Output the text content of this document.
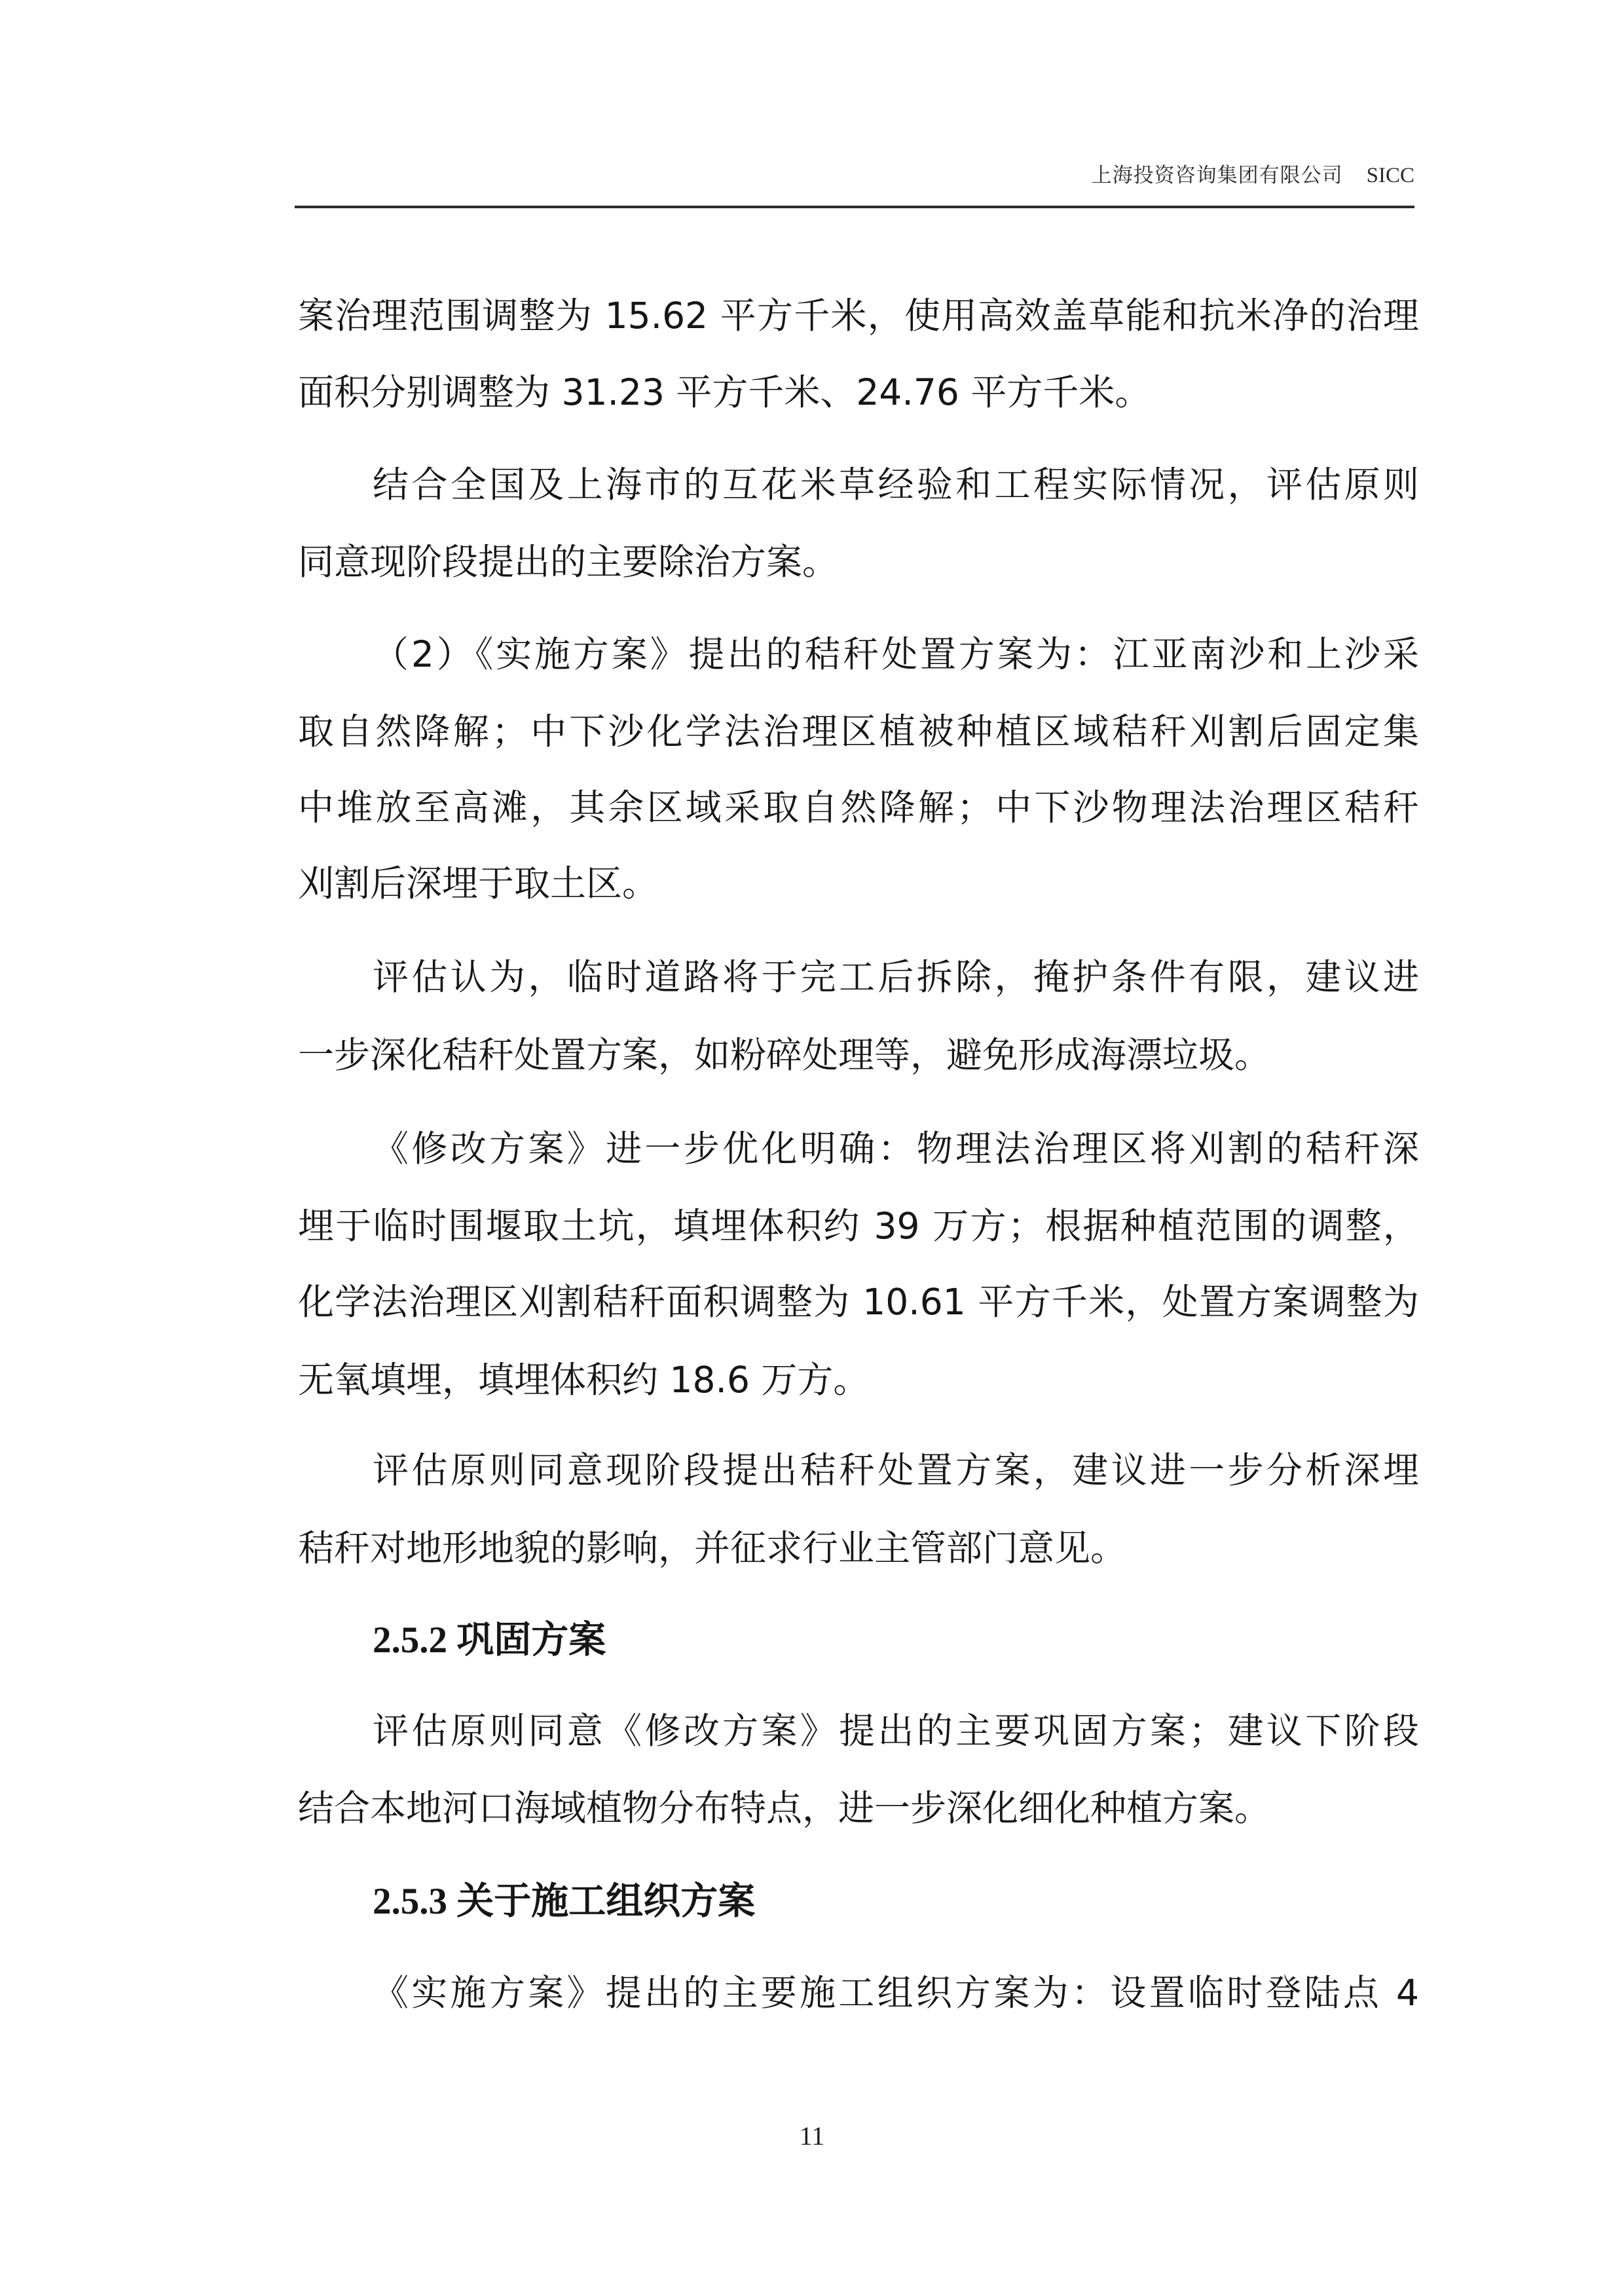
上海投资咨询集团有限公司 SICC
案治理范围调整为 15.62 平方千米，使用高效盖草能和抗米净的治理
面积分别调整为 31.23 平方千米、24.76 平方千米。
结合全国及上海市的互花米草经验和工程实际情况，评估原则
同意现阶段提出的主要除治方案。
（2）《实施方案》提出的秸秆处置方案为：江亚南沙和上沙采
取自然降解；中下沙化学法治理区植被种植区域秸秆刈割后固定集
中堆放至高滩，其余区域采取自然降解；中下沙物理法治理区秸秆
刈割后深埋于取土区。
评估认为，临时道路将于完工后拆除，掩护条件有限，建议进
一步深化秸秆处置方案，如粉碎处理等，避免形成海漂垃圾。
《修改方案》进一步优化明确：物理法治理区将刈割的秸秆深
埋于临时围堰取土坑，填埋体积约 39 万方；根据种植范围的调整，
化学法治理区刈割秸秆面积调整为 10.61 平方千米，处置方案调整为
无氧填埋，填埋体积约 18.6 万方。
评估原则同意现阶段提出秸秆处置方案，建议进一步分析深埋
秸秆对地形地貌的影响，并征求行业主管部门意见。
2.5.2 巩固方案
评估原则同意《修改方案》提出的主要巩固方案；建议下阶段
结合本地河口海域植物分布特点，进一步深化细化种植方案。
2.5.3 关于施工组织方案
《实施方案》提出的主要施工组织方案为：设置临时登陆点 4
11
